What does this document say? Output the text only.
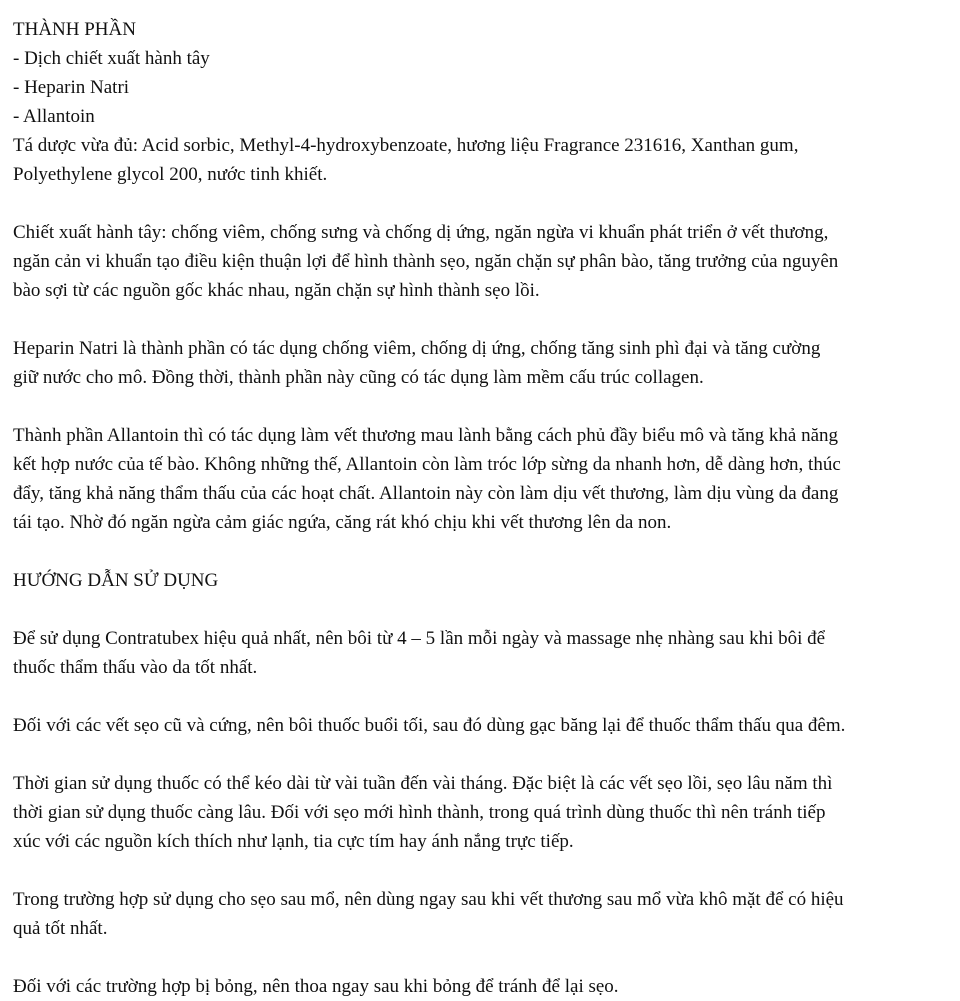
THÀNH PHẦN

- Dịch chiết xuất hành tây

- Heparin Natri

- Allantoin

Tá dược vừa đủ: Acid sorbic, Methyl-4-hydroxybenzoate, hương liệu Fragrance 231616, Xanthan gum,

Polyethylene glycol 200, nước tinh khiết.

Chiết xuất hành tây: chống viêm, chống sưng và chống dị ứng, ngăn ngừa vi khuẩn phát triển ở vết thương,

ngăn cản vi khuẩn tạo điều kiện thuận lợi để hình thành sẹo, ngăn chặn sự phân bào, tăng trưởng của nguyên

bào sợi từ các nguồn gốc khác nhau, ngăn chặn sự hình thành sẹo lồi.

Heparin Natri là thành phần có tác dụng chống viêm, chống dị ứng, chống tăng sinh phì đại và tăng cường

giữ nước cho mô. Đồng thời, thành phần này cũng có tác dụng làm mềm cấu trúc collagen.

Thành phần Allantoin thì có tác dụng làm vết thương mau lành bằng cách phủ đầy biểu mô và tăng khả năng

kết hợp nước của tế bào. Không những thế, Allantoin còn làm tróc lớp sừng da nhanh hơn, dễ dàng hơn, thúc

đẩy, tăng khả năng thẩm thấu của các hoạt chất. Allantoin này còn làm dịu vết thương, làm dịu vùng da đang

tái tạo. Nhờ đó ngăn ngừa cảm giác ngứa, căng rát khó chịu khi vết thương lên da non.

HƯỚNG DẪN SỬ DỤNG

Để sử dụng Contratubex hiệu quả nhất, nên bôi từ 4 – 5 lần mỗi ngày và massage nhẹ nhàng sau khi bôi để

thuốc thẩm thấu vào da tốt nhất.

Đối với các vết sẹo cũ và cứng, nên bôi thuốc buổi tối, sau đó dùng gạc băng lại để thuốc thẩm thấu qua đêm.

Thời gian sử dụng thuốc có thể kéo dài từ vài tuần đến vài tháng. Đặc biệt là các vết sẹo lồi, sẹo lâu năm thì

thời gian sử dụng thuốc càng lâu. Đối với sẹo mới hình thành, trong quá trình dùng thuốc thì nên tránh tiếp

xúc với các nguồn kích thích như lạnh, tia cực tím hay ánh nắng trực tiếp.

Trong trường hợp sử dụng cho sẹo sau mổ, nên dùng ngay sau khi vết thương sau mổ vừa khô mặt để có hiệu

quả tốt nhất.

Đối với các trường hợp bị bỏng, nên thoa ngay sau khi bỏng để tránh để lại sẹo.
